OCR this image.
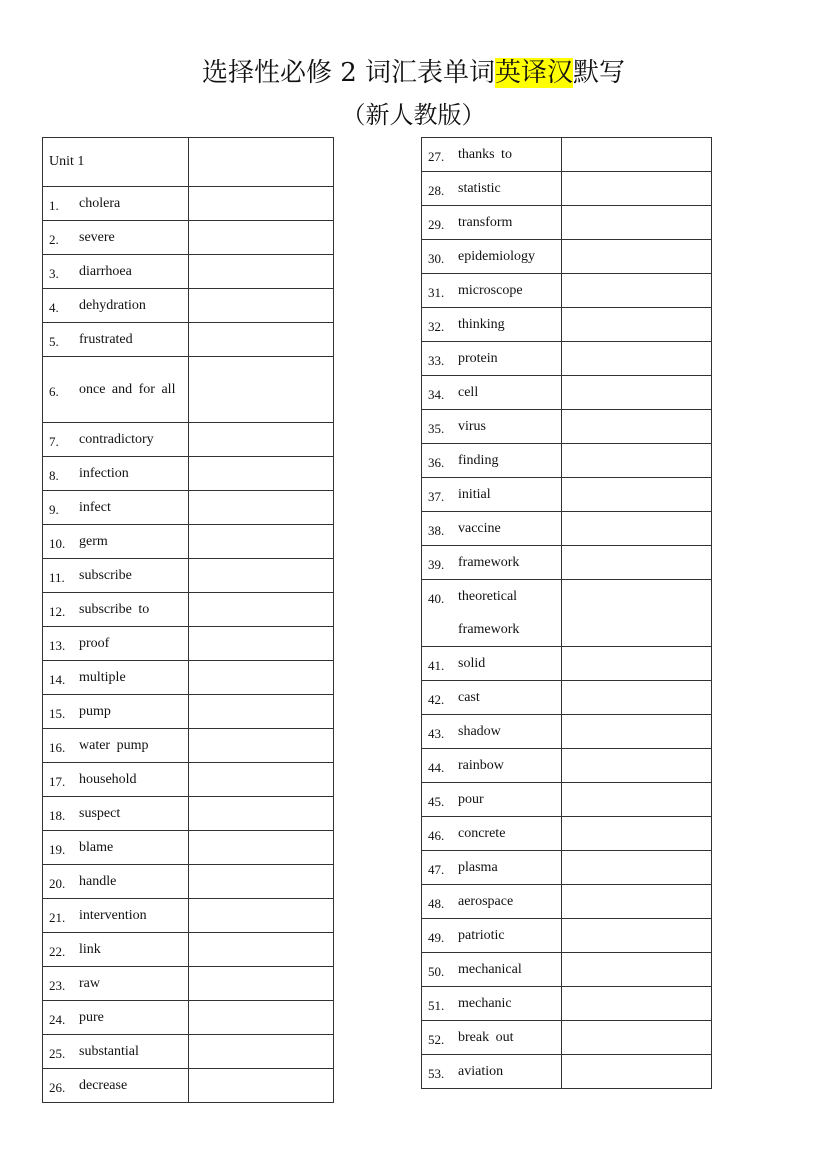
选择性必修 2 词汇表单词英译汉默写
（新人教版）
Unit 1	

1. cholera	

2. severe	

3. diarrhoea	

4. dehydration	

5. frustrated	

6. once and for all	

7. contradictory	

8. infection	

9. infect	

10. germ	

11. subscribe	

12. subscribe to	

13. proof	

14. multiple	

15. pump	

16. water pump	

17. household	

18. suspect	

19. blame	

20. handle	

21. intervention	

22. link	

23. raw	

24. pure	

25. substantial	

26. decrease	

27. thanks to	

28. statistic	

29. transform	

30. epidemiology	

31. microscope	

32. thinking	

33. protein	

34. cell	

35. virus	

36. finding	

37. initial	

38. vaccine	

39. framework	

40. theoretical framework	

41. solid	

42. cast	

43. shadow	

44. rainbow	

45. pour	

46. concrete	

47. plasma	

48. aerospace	

49. patriotic	

50. mechanical	

51. mechanic	

52. break out	

53. aviation	
